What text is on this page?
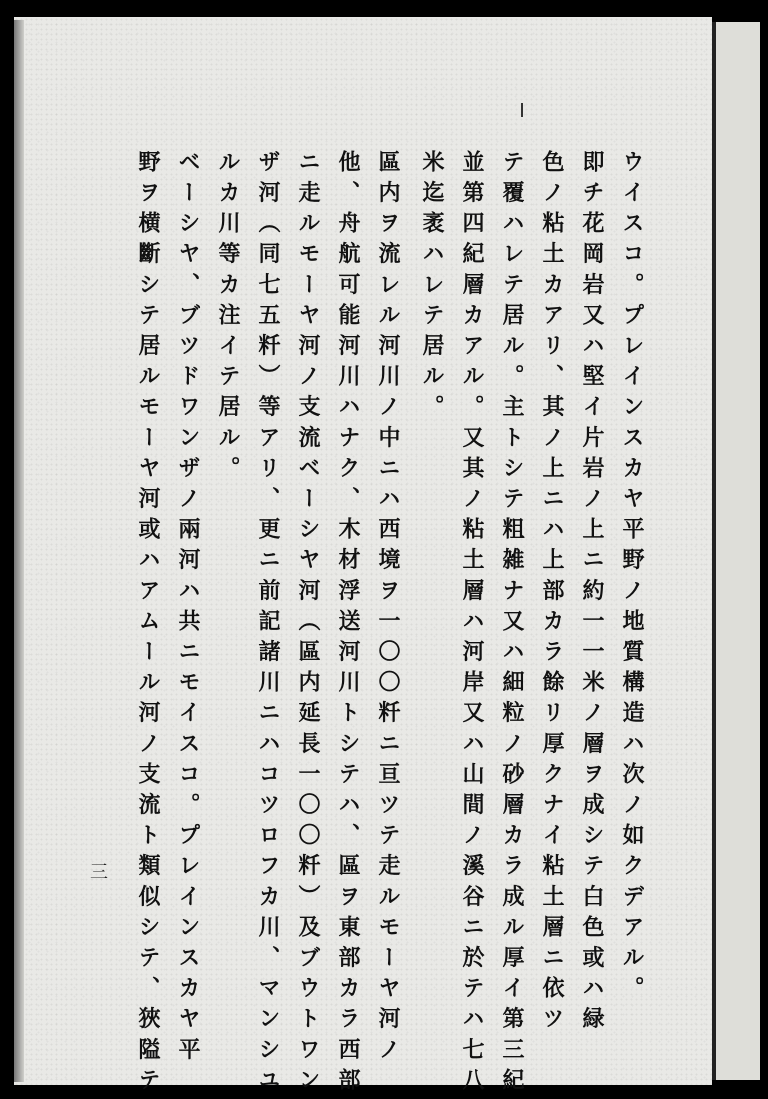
ウイスコ。プレインスカヤ平野ノ地質構造ハ次ノ如クデアル。
即チ花岡岩又ハ堅イ片岩ノ上ニ約一一米ノ層ヲ成シテ白色或ハ緑
色ノ粘土カアリ、其ノ上ニハ上部カラ餘リ厚クナイ粘土層ニ依ツ
テ覆ハレテ居ル。主トシテ粗雑ナ又ハ細粒ノ砂層カラ成ル厚イ第三紀
並第四紀層カアル。又其ノ粘土層ハ河岸又ハ山間ノ溪谷ニ於テハ七八
米迄袤ハレテ居ル。
區内ヲ流レル河川ノ中ニハ西境ヲ一〇〇粁ニ亘ツテ走ルモーヤ河ノ
他、舟航可能河川ハナク、木材浮送河川トシテハ、區ヲ東部カラ西部
ニ走ルモーヤ河ノ支流ベーシヤ河（區内延長一〇〇粁）及ブウトワン
ザ河（同七五粁）等アリ、更ニ前記諸川ニハコツロフカ川、マンシユ
ルカ川等カ注イテ居ル。
ベーシヤ、ブツドワンザノ兩河ハ共ニモイスコ。プレインスカヤ平
野ヲ横斷シテ居ルモーヤ河或ハアムール河ノ支流ト類似シテ、狹隘テ
三
